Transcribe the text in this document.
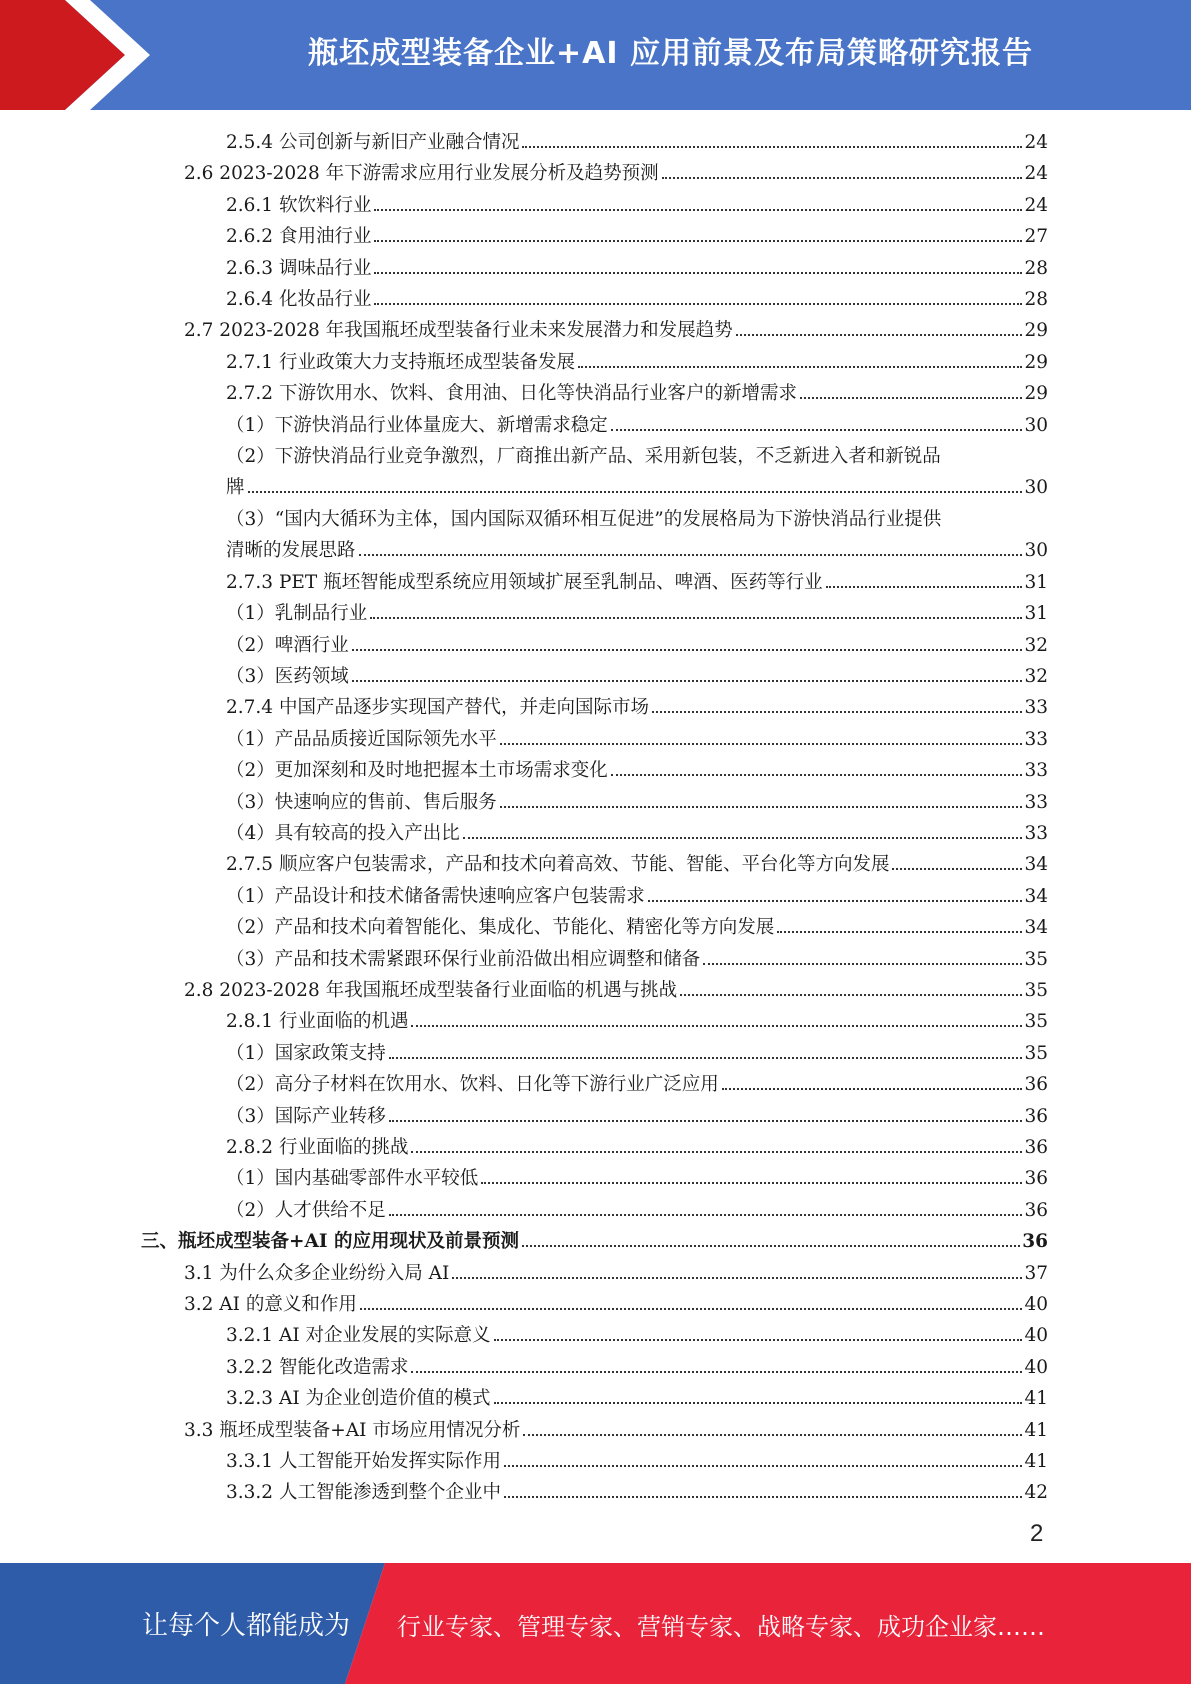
瓶坯成型装备企业+AI 应用前景及布局策略研究报告
2.5.4 公司创新与新旧产业融合情况	24
2.6 2023-2028 年下游需求应用行业发展分析及趋势预测	24
2.6.1 软饮料行业	24
2.6.2 食用油行业	27
2.6.3 调味品行业	28
2.6.4 化妆品行业	28
2.7 2023-2028 年我国瓶坯成型装备行业未来发展潜力和发展趋势	29
2.7.1 行业政策大力支持瓶坯成型装备发展	29
2.7.2 下游饮用水、饮料、食用油、日化等快消品行业客户的新增需求	29
（1）下游快消品行业体量庞大、新增需求稳定	30
（2）下游快消品行业竞争激烈，厂商推出新产品、采用新包装，不乏新进入者和新锐品
牌	30
（3）“国内大循环为主体，国内国际双循环相互促进”的发展格局为下游快消品行业提供
清晰的发展思路	30
2.7.3 PET 瓶坯智能成型系统应用领域扩展至乳制品、啤酒、医药等行业	31
（1）乳制品行业	31
（2）啤酒行业	32
（3）医药领域	32
2.7.4 中国产品逐步实现国产替代，并走向国际市场	33
（1）产品品质接近国际领先水平	33
（2）更加深刻和及时地把握本土市场需求变化	33
（3）快速响应的售前、售后服务	33
（4）具有较高的投入产出比	33
2.7.5 顺应客户包装需求，产品和技术向着高效、节能、智能、平台化等方向发展	34
（1）产品设计和技术储备需快速响应客户包装需求	34
（2）产品和技术向着智能化、集成化、节能化、精密化等方向发展	34
（3）产品和技术需紧跟环保行业前沿做出相应调整和储备	35
2.8 2023-2028 年我国瓶坯成型装备行业面临的机遇与挑战	35
2.8.1 行业面临的机遇	35
（1）国家政策支持	35
（2）高分子材料在饮用水、饮料、日化等下游行业广泛应用	36
（3）国际产业转移	36
2.8.2 行业面临的挑战	36
（1）国内基础零部件水平较低	36
（2）人才供给不足	36
三、瓶坯成型装备+AI 的应用现状及前景预测	36
3.1 为什么众多企业纷纷入局 AI	37
3.2 AI 的意义和作用	40
3.2.1 AI 对企业发展的实际意义	40
3.2.2 智能化改造需求	40
3.2.3 AI 为企业创造价值的模式	41
3.3 瓶坯成型装备+AI 市场应用情况分析	41
3.3.1 人工智能开始发挥实际作用	41
3.3.2 人工智能渗透到整个企业中	42
2
让每个人都能成为 行业专家、管理专家、营销专家、战略专家、成功企业家……
